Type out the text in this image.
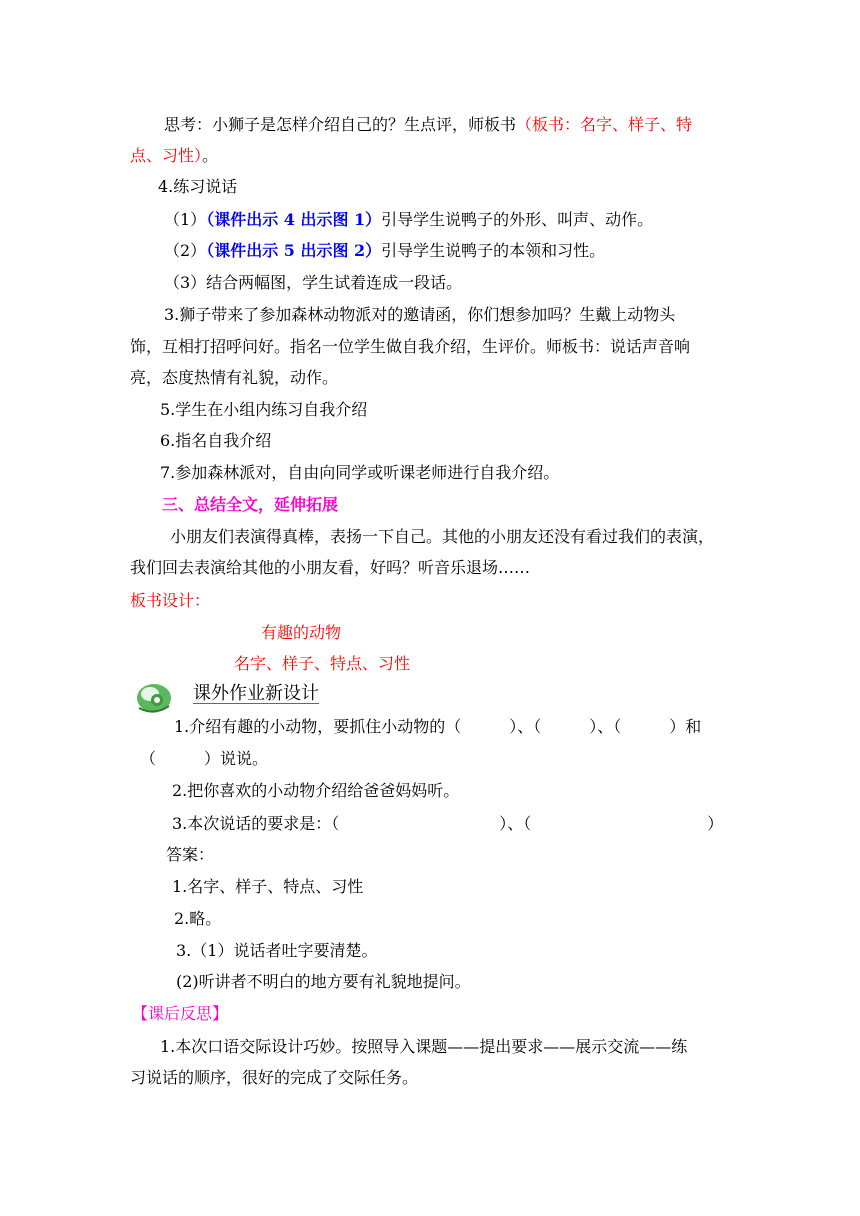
思考：小狮子是怎样介绍自己的？生点评，师板书（板书：名字、样子、特
点、习性）。
4.练习说话
（1）（课件出示 4 出示图 1）引导学生说鸭子的外形、叫声、动作。
（2）（课件出示 5 出示图 2）引导学生说鸭子的本领和习性。
（3）结合两幅图，学生试着连成一段话。
3.狮子带来了参加森林动物派对的邀请函，你们想参加吗？生戴上动物头
饰，互相打招呼问好。指名一位学生做自我介绍，生评价。师板书：说话声音响
亮，态度热情有礼貌，动作。
5.学生在小组内练习自我介绍
6.指名自我介绍
7.参加森林派对，自由向同学或听课老师进行自我介绍。
三、总结全文，延伸拓展
小朋友们表演得真棒，表扬一下自己。其他的小朋友还没有看过我们的表演，
我们回去表演给其他的小朋友看，好吗？听音乐退场……
板书设计：
有趣的动物
名字、样子、特点、习性
课外作业新设计
1.介绍有趣的小动物，要抓住小动物的（　　　）、（　　　）、（　　　）和
（　　　）说说。
2.把你喜欢的小动物介绍给爸爸妈妈听。
3.本次说话的要求是：（　　　　　　　　　　）、（　　　　　　　　　　　）
答案：
1.名字、样子、特点、习性
2.略。
3.（1）说话者吐字要清楚。
(2)听讲者不明白的地方要有礼貌地提问。
【课后反思】
1.本次口语交际设计巧妙。按照导入课题——提出要求——展示交流——练
习说话的顺序，很好的完成了交际任务。
